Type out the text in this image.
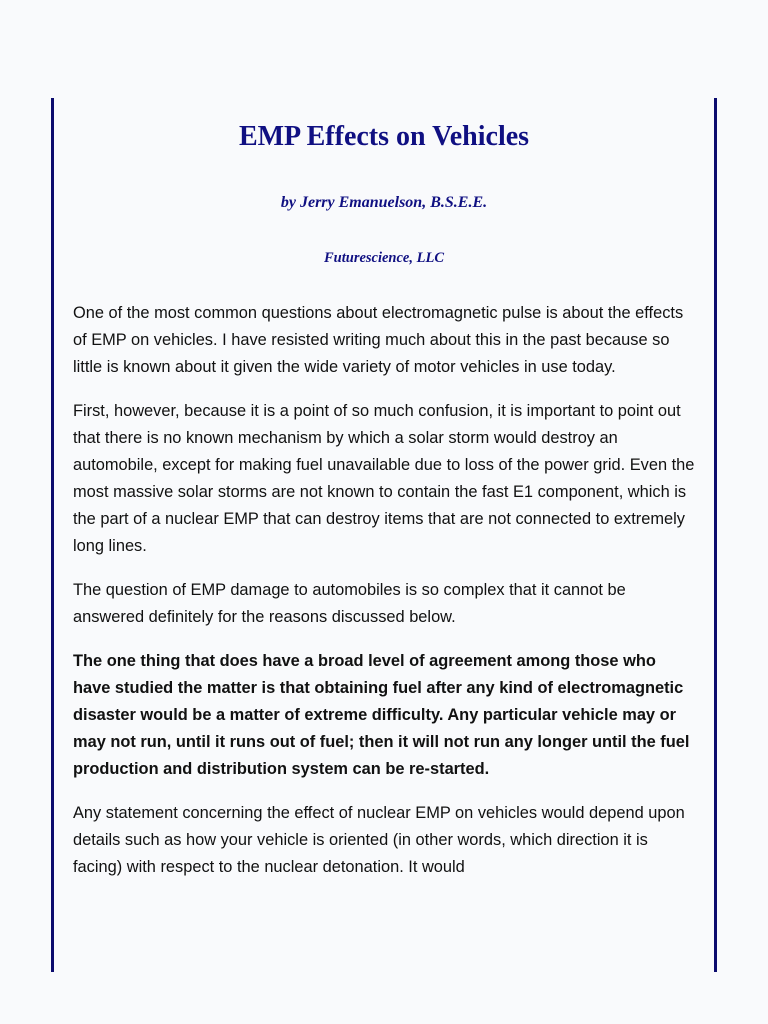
EMP Effects on Vehicles

by Jerry Emanuelson, B.S.E.E.

Futurescience, LLC

One of the most common questions about electromagnetic pulse is about the effects of EMP on vehicles. I have resisted writing much about this in the past because so little is known about it given the wide variety of motor vehicles in use today.

First, however, because it is a point of so much confusion, it is important to point out that there is no known mechanism by which a solar storm would destroy an automobile, except for making fuel unavailable due to loss of the power grid. Even the most massive solar storms are not known to contain the fast E1 component, which is the part of a nuclear EMP that can destroy items that are not connected to extremely long lines.

The question of EMP damage to automobiles is so complex that it cannot be answered definitely for the reasons discussed below.

The one thing that does have a broad level of agreement among those who have studied the matter is that obtaining fuel after any kind of electromagnetic disaster would be a matter of extreme difficulty. Any particular vehicle may or may not run, until it runs out of fuel; then it will not run any longer until the fuel production and distribution system can be re-started.

Any statement concerning the effect of nuclear EMP on vehicles would depend upon details such as how your vehicle is oriented (in other words, which direction it is facing) with respect to the nuclear detonation. It would
